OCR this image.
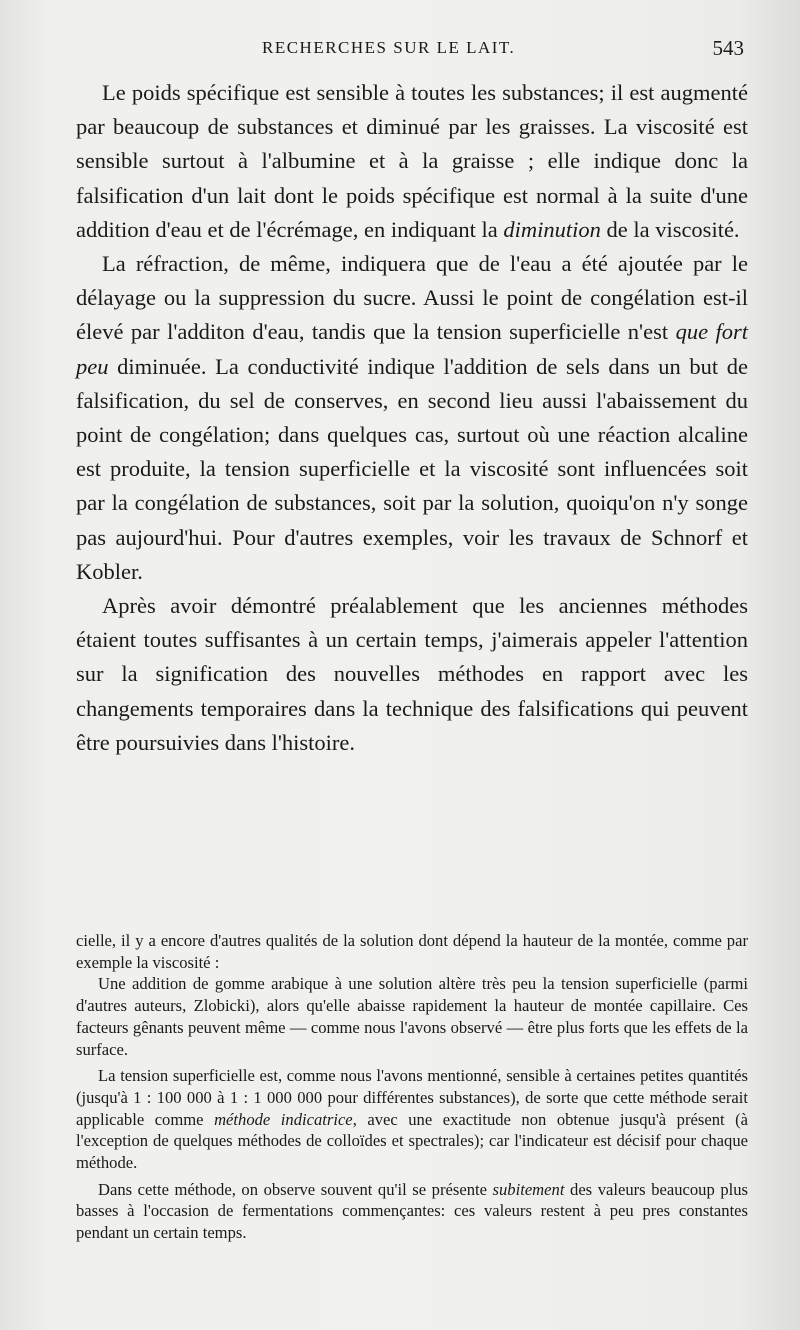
RECHERCHES SUR LE LAIT.	543

Le poids spécifique est sensible à toutes les substances; il est augmenté par beaucoup de substances et diminué par les graisses. La viscosité est sensible surtout à l'albumine et à la graisse ; elle indique donc la falsification d'un lait dont le poids spécifique est normal à la suite d'une addition d'eau et de l'écrémage, en indiquant la diminution de la viscosité.

La réfraction, de même, indiquera que de l'eau a été ajoutée par le délayage ou la suppression du sucre. Aussi le point de congélation est-il élevé par l'additon d'eau, tandis que la tension superficielle n'est que fort peu diminuée. La conductivité indique l'addition de sels dans un but de falsification, du sel de conserves, en second lieu aussi l'abaissement du point de congélation; dans quelques cas, surtout où une réaction alcaline est produite, la tension superficielle et la viscosité sont influencées soit par la congélation de substances, soit par la solution, quoiqu'on n'y songe pas aujourd'hui. Pour d'autres exemples, voir les travaux de Schnorf et Kobler.

Après avoir démontré préalablement que les anciennes méthodes étaient toutes suffisantes à un certain temps, j'aimerais appeler l'attention sur la signification des nouvelles méthodes en rapport avec les changements temporaires dans la technique des falsifications qui peuvent être poursuivies dans l'histoire.

cielle, il y a encore d'autres qualités de la solution dont dépend la hauteur de la montée, comme par exemple la viscosité :

Une addition de gomme arabique à une solution altère très peu la tension superficielle (parmi d'autres auteurs, Zlobicki), alors qu'elle abaisse rapidement la hauteur de montée capillaire. Ces facteurs gênants peuvent même — comme nous l'avons observé — être plus forts que les effets de la surface.

La tension superficielle est, comme nous l'avons mentionné, sensible à certaines petites quantités (jusqu'à 1 : 100 000 à 1 : 1 000 000 pour différentes substances), de sorte que cette méthode serait applicable comme méthode indicatrice, avec une exactitude non obtenue jusqu'à présent (à l'exception de quelques méthodes de colloïdes et spectrales); car l'indicateur est décisif pour chaque méthode.

Dans cette méthode, on observe souvent qu'il se présente subitement des valeurs beaucoup plus basses à l'occasion de fermentations commençantes: ces valeurs restent à peu pres constantes pendant un certain temps.
